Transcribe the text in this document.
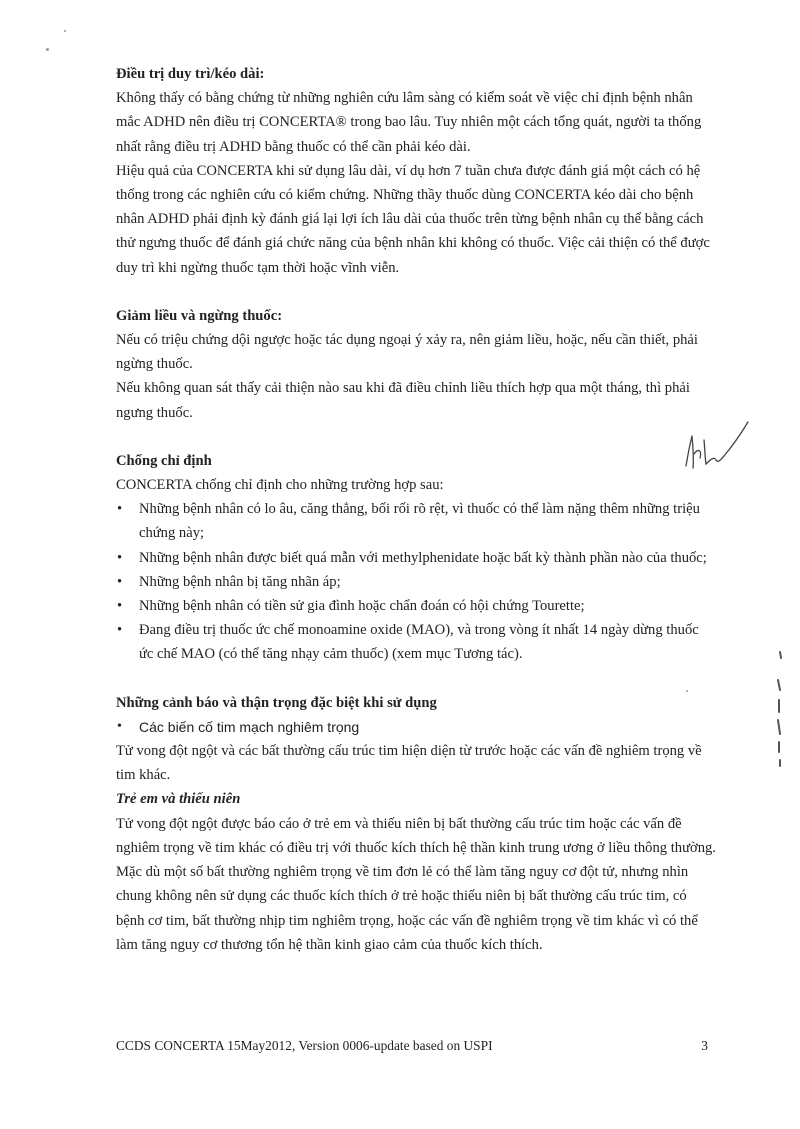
Điều trị duy trì/kéo dài:

Không thấy có bằng chứng từ những nghiên cứu lâm sàng có kiểm soát về việc chỉ định bệnh nhân mắc ADHD nên điều trị CONCERTA® trong bao lâu. Tuy nhiên một cách tổng quát, người ta thống nhất rằng điều trị ADHD bằng thuốc có thể cần phải kéo dài.

Hiệu quả của CONCERTA khi sử dụng lâu dài, ví dụ hơn 7 tuần chưa được đánh giá một cách có hệ thống trong các nghiên cứu có kiểm chứng. Những thầy thuốc dùng CONCERTA kéo dài cho bệnh nhân ADHD phải định kỳ đánh giá lại lợi ích lâu dài của thuốc trên từng bệnh nhân cụ thể bằng cách thử ngưng thuốc để đánh giá chức năng của bệnh nhân khi không có thuốc. Việc cải thiện có thể được duy trì khi ngừng thuốc tạm thời hoặc vĩnh viễn.

Giảm liều và ngừng thuốc:

Nếu có triệu chứng dội ngược hoặc tác dụng ngoại ý xảy ra, nên giảm liều, hoặc, nếu cần thiết, phải ngừng thuốc.

Nếu không quan sát thấy cải thiện nào sau khi đã điều chỉnh liều thích hợp qua một tháng, thì phải ngưng thuốc.

Chống chỉ định

CONCERTA chống chỉ định cho những trường hợp sau:

• Những bệnh nhân có lo âu, căng thẳng, bối rối rõ rệt, vì thuốc có thể làm nặng thêm những triệu chứng này;
• Những bệnh nhân được biết quá mẫn với methylphenidate hoặc bất kỳ thành phần nào của thuốc;
• Những bệnh nhân bị tăng nhãn áp;
• Những bệnh nhân có tiền sử gia đình hoặc chẩn đoán có hội chứng Tourette;
• Đang điều trị thuốc ức chế monoamine oxide (MAO), và trong vòng ít nhất 14 ngày dừng thuốc ức chế MAO (có thể tăng nhạy cảm thuốc) (xem mục Tương tác).

Những cảnh báo và thận trọng đặc biệt khi sử dụng

• Các biến cố tim mạch nghiêm trọng

Tử vong đột ngột và các bất thường cấu trúc tim hiện diện từ trước hoặc các vấn đề nghiêm trọng về tim khác.

Trẻ em và thiếu niên

Tử vong đột ngột được báo cáo ở trẻ em và thiếu niên bị bất thường cấu trúc tim hoặc các vấn đề nghiêm trọng về tim khác có điều trị với thuốc kích thích hệ thần kinh trung ương ở liều thông thường. Mặc dù một số bất thường nghiêm trọng về tim đơn lẻ có thể làm tăng nguy cơ đột tử, nhưng nhìn chung không nên sử dụng các thuốc kích thích ở trẻ hoặc thiếu niên bị bất thường cấu trúc tim, có bệnh cơ tim, bất thường nhịp tim nghiêm trọng, hoặc các vấn đề nghiêm trọng về tim khác vì có thể làm tăng nguy cơ thương tổn hệ thần kinh giao cảm của thuốc kích thích.

CCDS CONCERTA 15May2012, Version 0006-update based on USPI	3
